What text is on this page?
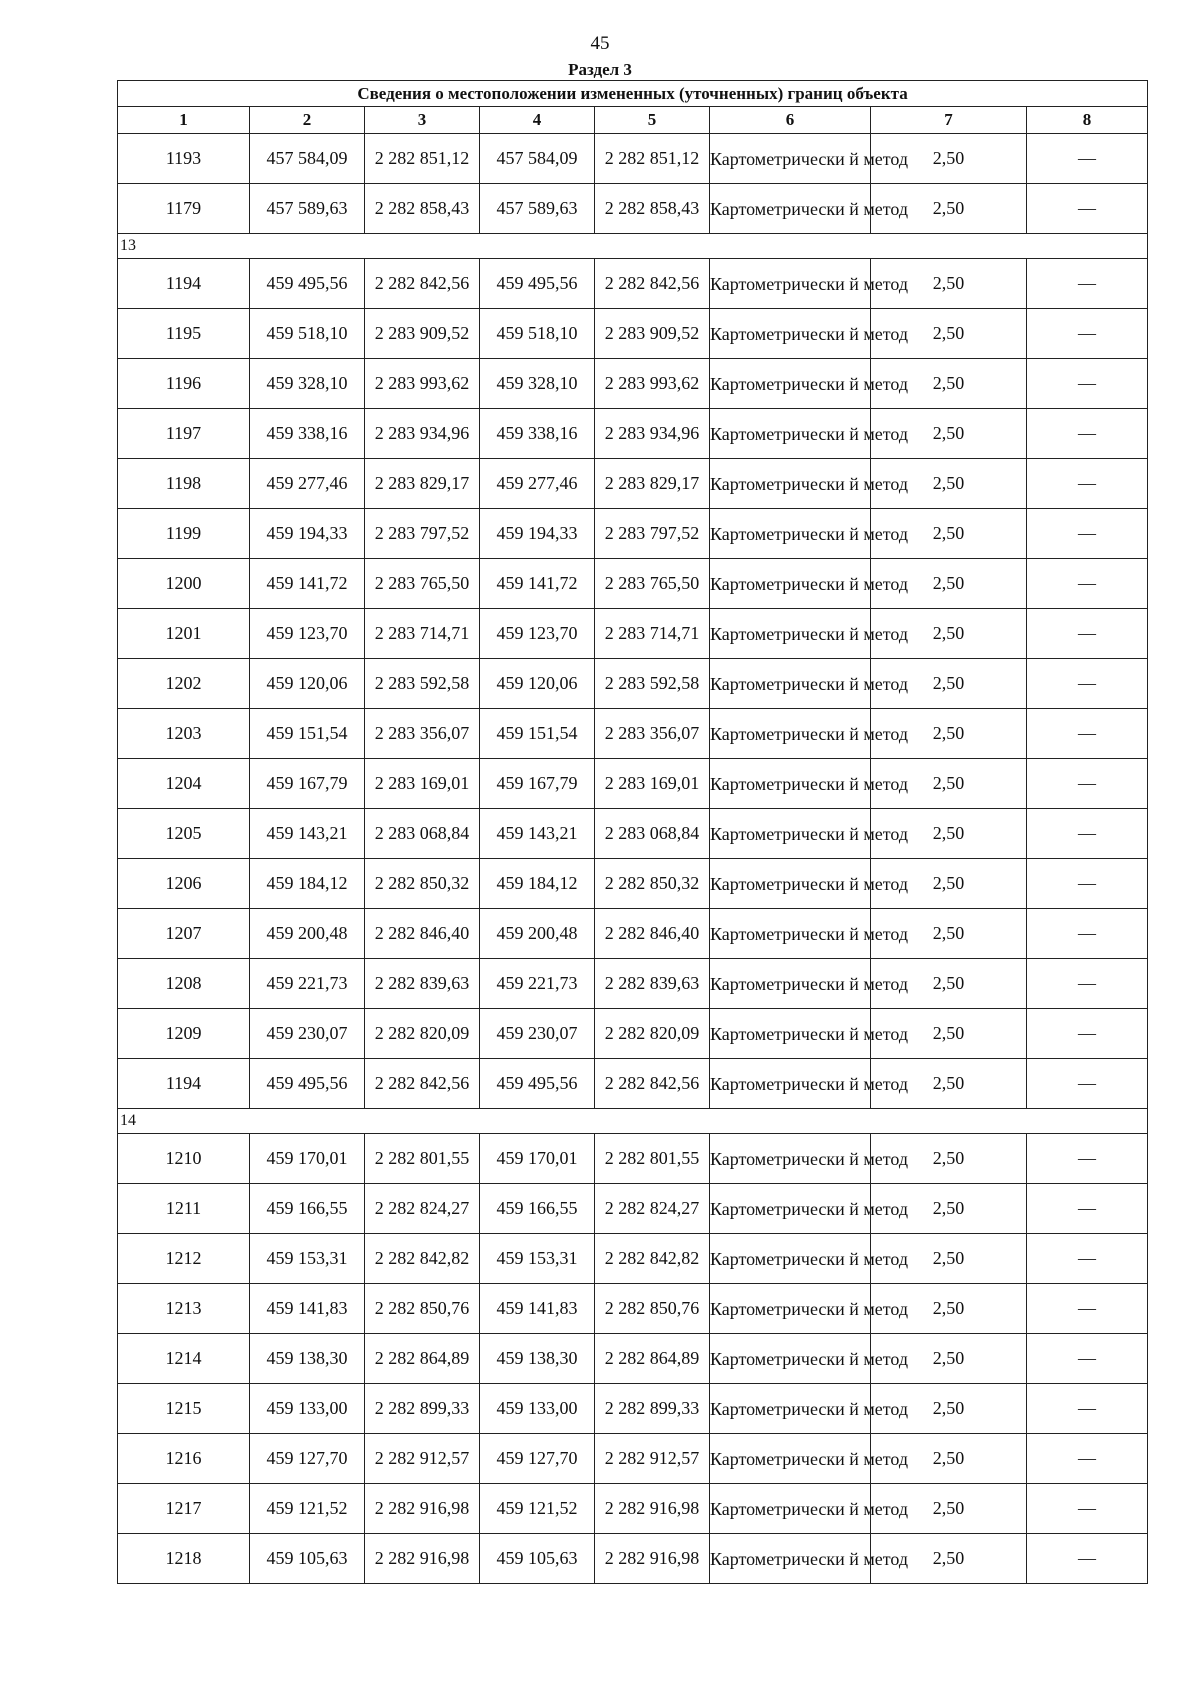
45
Раздел 3
Сведения о местоположении измененных (уточненных) границ объекта							
1	2	3	4	5	6	7	8
1193	457 584,09	2 282 851,12	457 584,09	2 282 851,12	Картометрически й метод	2,50	—
1179	457 589,63	2 282 858,43	457 589,63	2 282 858,43	Картометрически й метод	2,50	—
13							
1194	459 495,56	2 282 842,56	459 495,56	2 282 842,56	Картометрически й метод	2,50	—
1195	459 518,10	2 283 909,52	459 518,10	2 283 909,52	Картометрически й метод	2,50	—
1196	459 328,10	2 283 993,62	459 328,10	2 283 993,62	Картометрически й метод	2,50	—
1197	459 338,16	2 283 934,96	459 338,16	2 283 934,96	Картометрически й метод	2,50	—
1198	459 277,46	2 283 829,17	459 277,46	2 283 829,17	Картометрически й метод	2,50	—
1199	459 194,33	2 283 797,52	459 194,33	2 283 797,52	Картометрически й метод	2,50	—
1200	459 141,72	2 283 765,50	459 141,72	2 283 765,50	Картометрически й метод	2,50	—
1201	459 123,70	2 283 714,71	459 123,70	2 283 714,71	Картометрически й метод	2,50	—
1202	459 120,06	2 283 592,58	459 120,06	2 283 592,58	Картометрически й метод	2,50	—
1203	459 151,54	2 283 356,07	459 151,54	2 283 356,07	Картометрически й метод	2,50	—
1204	459 167,79	2 283 169,01	459 167,79	2 283 169,01	Картометрически й метод	2,50	—
1205	459 143,21	2 283 068,84	459 143,21	2 283 068,84	Картометрически й метод	2,50	—
1206	459 184,12	2 282 850,32	459 184,12	2 282 850,32	Картометрически й метод	2,50	—
1207	459 200,48	2 282 846,40	459 200,48	2 282 846,40	Картометрически й метод	2,50	—
1208	459 221,73	2 282 839,63	459 221,73	2 282 839,63	Картометрически й метод	2,50	—
1209	459 230,07	2 282 820,09	459 230,07	2 282 820,09	Картометрически й метод	2,50	—
1194	459 495,56	2 282 842,56	459 495,56	2 282 842,56	Картометрически й метод	2,50	—
14							
1210	459 170,01	2 282 801,55	459 170,01	2 282 801,55	Картометрически й метод	2,50	—
1211	459 166,55	2 282 824,27	459 166,55	2 282 824,27	Картометрически й метод	2,50	—
1212	459 153,31	2 282 842,82	459 153,31	2 282 842,82	Картометрически й метод	2,50	—
1213	459 141,83	2 282 850,76	459 141,83	2 282 850,76	Картометрически й метод	2,50	—
1214	459 138,30	2 282 864,89	459 138,30	2 282 864,89	Картометрически й метод	2,50	—
1215	459 133,00	2 282 899,33	459 133,00	2 282 899,33	Картометрически й метод	2,50	—
1216	459 127,70	2 282 912,57	459 127,70	2 282 912,57	Картометрически й метод	2,50	—
1217	459 121,52	2 282 916,98	459 121,52	2 282 916,98	Картометрически й метод	2,50	—
1218	459 105,63	2 282 916,98	459 105,63	2 282 916,98	Картометрически й метод	2,50	—
